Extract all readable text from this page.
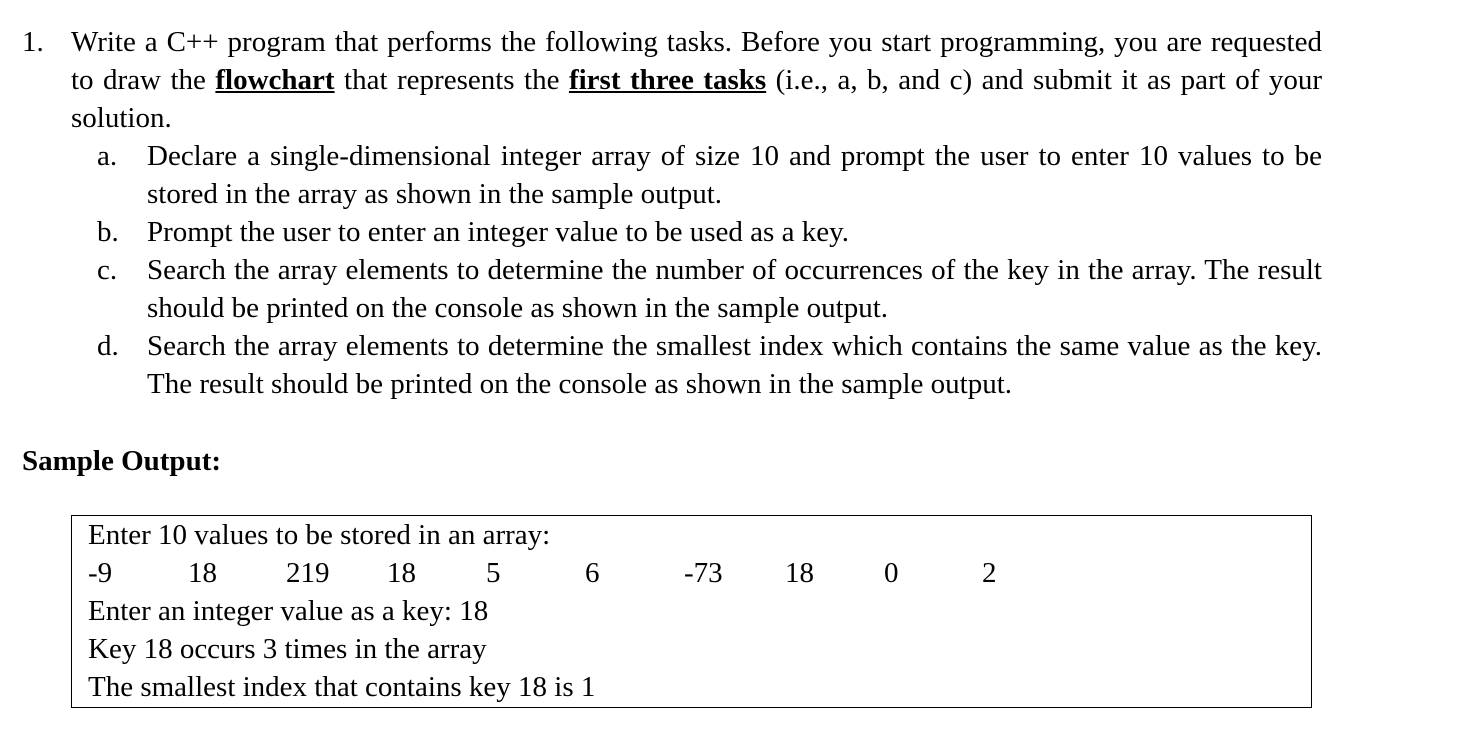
1. Write a C++ program that performs the following tasks. Before you start programming, you are requested to draw the flowchart that represents the first three tasks (i.e., a, b, and c) and submit it as part of your solution.
a.	Declare a single-dimensional integer array of size 10 and prompt the user to enter 10 values to be stored in the array as shown in the sample output.
b. Prompt the user to enter an integer value to be used as a key.
c.	Search the array elements to determine the number of occurrences of the key in the array. The result should be printed on the console as shown in the sample output.
d. Search the array elements to determine the smallest index which contains the same value as the key. The result should be printed on the console as shown in the sample output.
Sample Output:
Enter 10 values to be stored in an array:
-9	18 219 18 5	6	-73 18 0	2
Enter an integer value as a key: 18
Key 18 occurs 3 times in the array
The smallest index that contains key 18 is 1
